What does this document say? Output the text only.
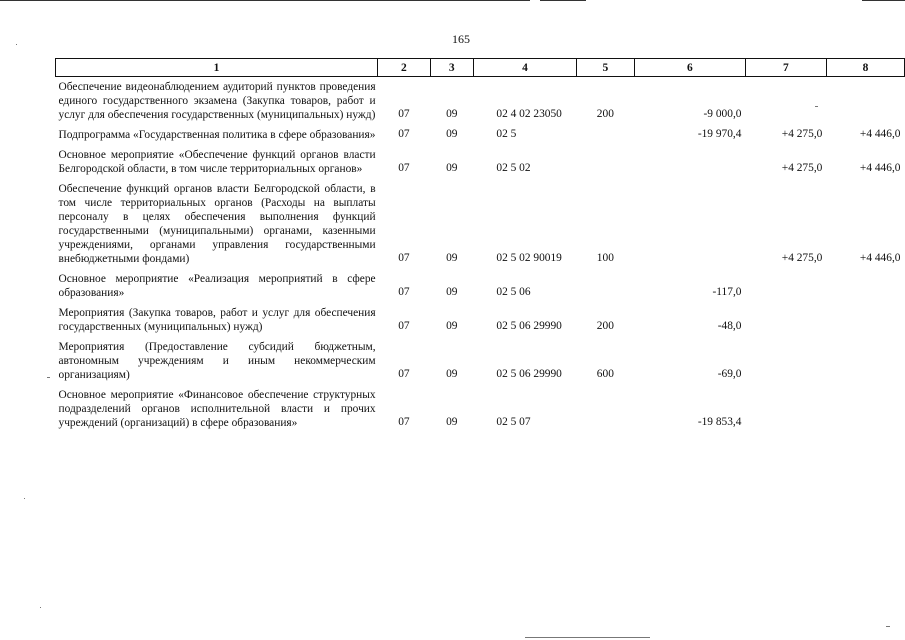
165
1	2	3	4	5	6	7	8
Обеспечение видеонаблюдением аудиторий пунктов проведения единого государственного экзамена (Закупка товаров, работ и услуг для обеспечения государственных (муниципальных) нужд)	07	09	02 4 02 23050	200	-9 000,0		
Подпрограмма «Государственная политика в сфере образования»	07	09	02 5		-19 970,4	+4 275,0	+4 446,0
Основное мероприятие «Обеспечение функций органов власти Белгородской области, в том числе территориальных органов»	07	09	02 5 02			+4 275,0	+4 446,0
Обеспечение функций органов власти Белгородской области, в том числе территориальных органов (Расходы на выплаты персоналу в целях обеспечения выполнения функций государственными (муниципальными) органами, казенными учреждениями, органами управления государственными внебюджетными фондами)	07	09	02 5 02 90019	100		+4 275,0	+4 446,0
Основное мероприятие «Реализация мероприятий в сфере образования»	07	09	02 5 06		-117,0		
Мероприятия (Закупка товаров, работ и услуг для обеспечения государственных (муниципальных) нужд)	07	09	02 5 06 29990	200	-48,0		
Мероприятия (Предоставление субсидий бюджетным, автономным учреждениям и иным некоммерческим организациям)	07	09	02 5 06 29990	600	-69,0		
Основное мероприятие «Финансовое обеспечение структурных подразделений органов исполнительной власти и прочих учреждений (организаций) в сфере образования»	07	09	02 5 07		-19 853,4		
